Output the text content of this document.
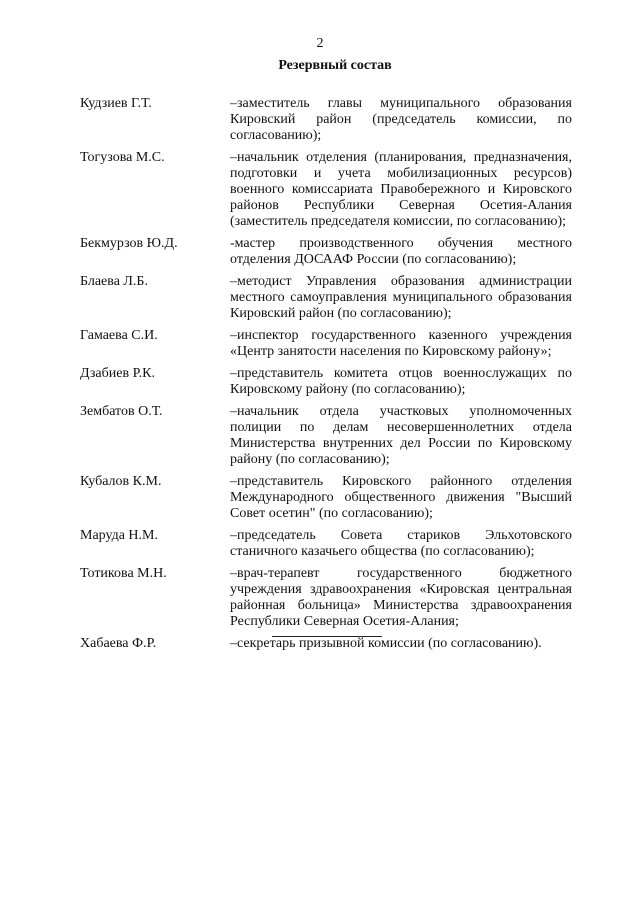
2
Резервный состав
Кудзиев Г.Т.	–заместитель главы муниципального образования Кировский район (председатель комиссии, по согласованию);
Тогузова М.С.	–начальник отделения (планирования, предназначения, подготовки и учета мобилизационных ресурсов) военного комиссариата Правобережного и Кировского районов Республики Северная Осетия-Алания (заместитель председателя комиссии, по согласованию);
Бекмурзов Ю.Д.	-мастер производственного обучения местного отделения ДОСААФ России (по согласованию);
Блаева Л.Б.	–методист Управления образования администрации местного самоуправления муниципального образования Кировский район (по согласованию);
Гамаева С.И.	–инспектор государственного казенного учреждения «Центр занятости населения по Кировскому району»;
Дзабиев Р.К.	–представитель комитета отцов военнослужащих по Кировскому району (по согласованию);
Зембатов О.Т.	–начальник отдела участковых уполномоченных полиции по делам несовершеннолетних отдела Министерства внутренних дел России по Кировскому району (по согласованию);
Кубалов К.М.	–представитель Кировского районного отделения Международного общественного движения "Высший Совет осетин" (по согласованию);
Маруда Н.М.	–председатель Совета стариков Эльхотовского станичного казачьего общества (по согласованию);
Тотикова М.Н.	–врач-терапевт государственного бюджетного учреждения здравоохранения «Кировская центральная районная больница» Министерства здравоохранения Республики Северная Осетия-Алания;
Хабаева Ф.Р.	–секретарь призывной комиссии (по согласованию).
